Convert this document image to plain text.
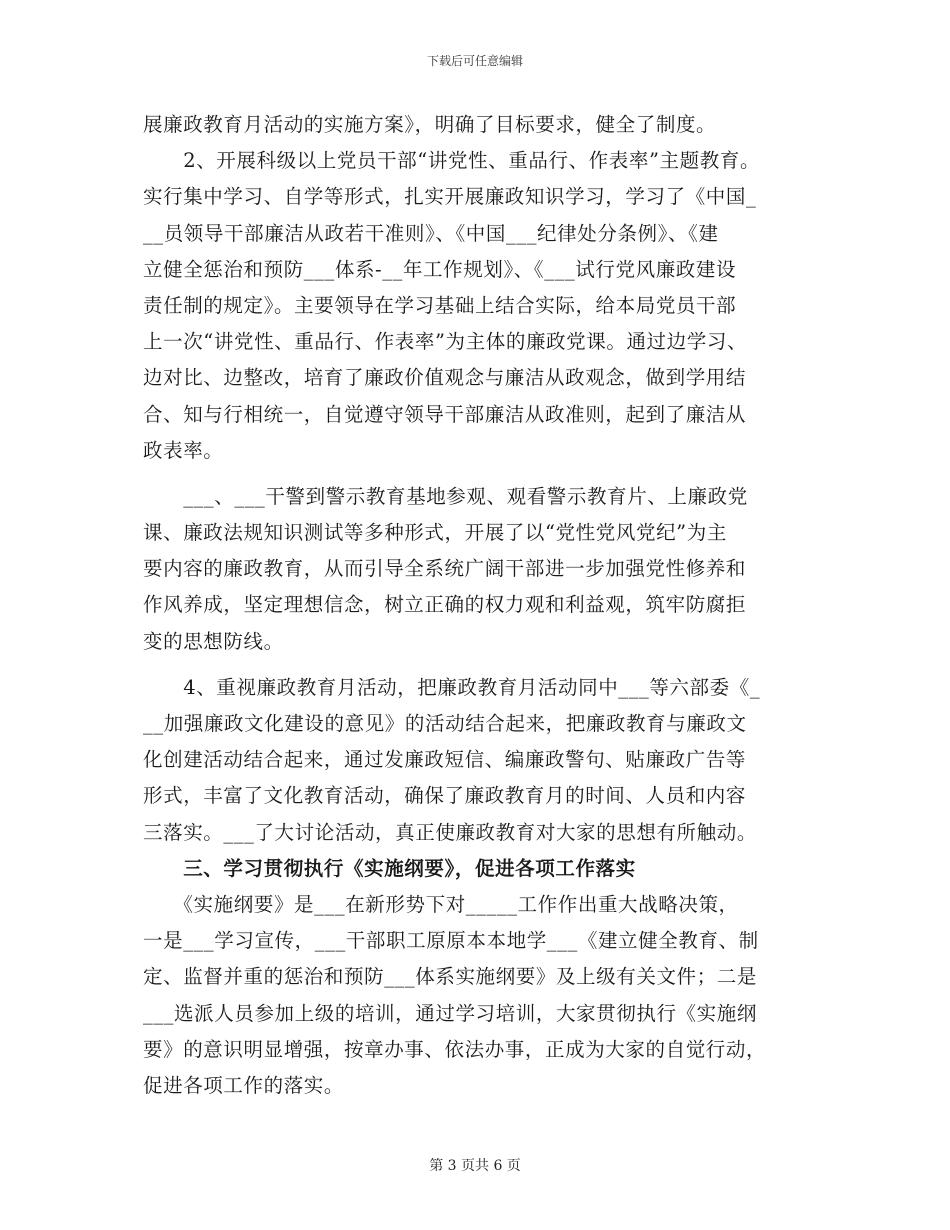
下载后可任意编辑
展廉政教育月活动的实施方案》，明确了目标要求，健全了制度。
　　2、开展科级以上党员干部“讲党性、重品行、作表率”主题教育。
实行集中学习、自学等形式，扎实开展廉政知识学习，学习了《中国_
__员领导干部廉洁从政若干准则》、《中国___纪律处分条例》、《建
立健全惩治和预防___体系-__年工作规划》、《___试行党风廉政建设
责任制的规定》。主要领导在学习基础上结合实际，给本局党员干部
上一次“讲党性、重品行、作表率”为主体的廉政党课。通过边学习、
边对比、边整改，培育了廉政价值观念与廉洁从政观念，做到学用结
合、知与行相统一，自觉遵守领导干部廉洁从政准则，起到了廉洁从
政表率。
　　___、___干警到警示教育基地参观、观看警示教育片、上廉政党
课、廉政法规知识测试等多种形式，开展了以“党性党风党纪”为主
要内容的廉政教育，从而引导全系统广阔干部进一步加强党性修养和
作风养成，坚定理想信念，树立正确的权力观和利益观，筑牢防腐拒
变的思想防线。
　　4、重视廉政教育月活动，把廉政教育月活动同中___等六部委《_
__加强廉政文化建设的意见》的活动结合起来，把廉政教育与廉政文
化创建活动结合起来，通过发廉政短信、编廉政警句、贴廉政广告等
形式，丰富了文化教育活动，确保了廉政教育月的时间、人员和内容
三落实。___了大讨论活动，真正使廉政教育对大家的思想有所触动。
　　三、学习贯彻执行《实施纲要》，促进各项工作落实
　　《实施纲要》是___在新形势下对_____工作作出重大战略决策，
一是___学习宣传，___干部职工原原本本地学___《建立健全教育、制
定、监督并重的惩治和预防___体系实施纲要》及上级有关文件；二是
___选派人员参加上级的培训，通过学习培训，大家贯彻执行《实施纲
要》的意识明显增强，按章办事、依法办事，正成为大家的自觉行动，
促进各项工作的落实。
第 3 页共 6 页
